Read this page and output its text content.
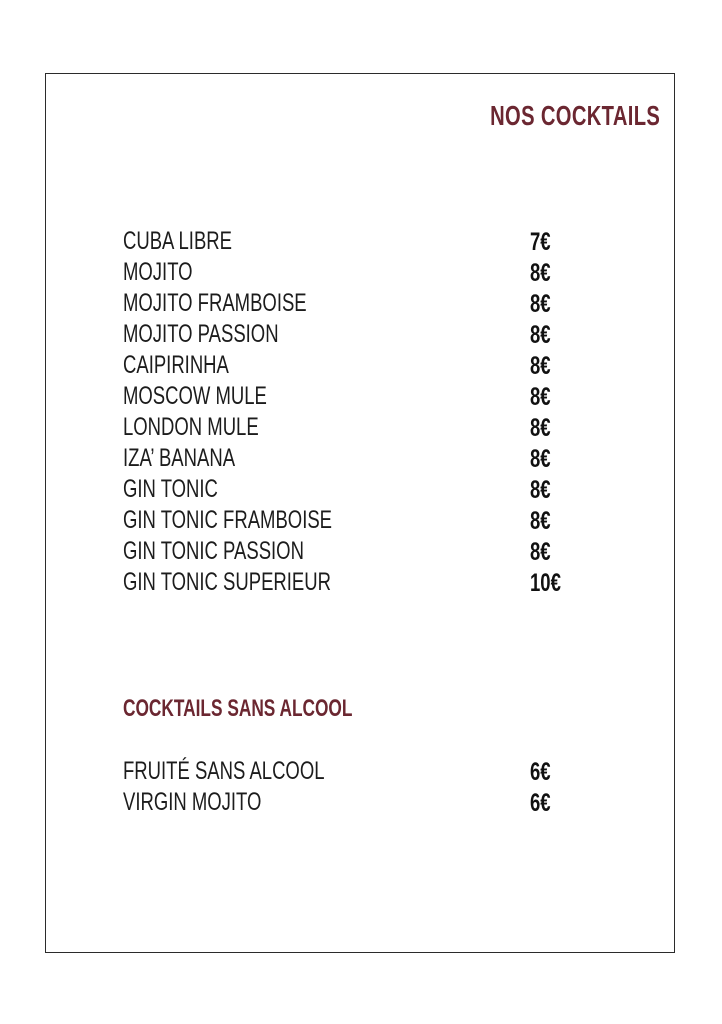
NOS COCKTAILS
CUBA LIBRE	7€
MOJITO	8€
MOJITO FRAMBOISE	8€
MOJITO PASSION	8€
CAIPIRINHA	8€
MOSCOW MULE	8€
LONDON MULE	8€
IZA’ BANANA	8€
GIN TONIC	8€
GIN TONIC FRAMBOISE	8€
GIN TONIC PASSION	8€
GIN TONIC SUPERIEUR	10€
COCKTAILS SANS ALCOOL
FRUITÉ SANS ALCOOL	6€
VIRGIN MOJITO	6€
